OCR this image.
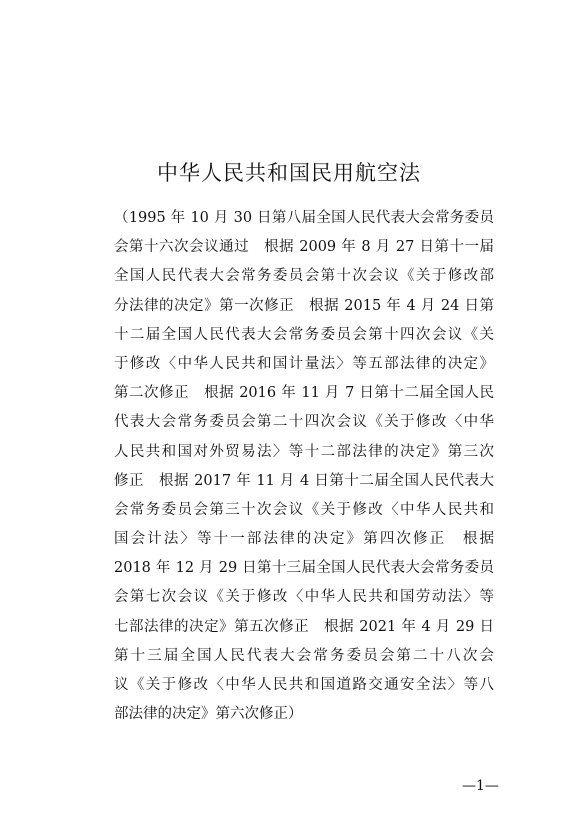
中华人民共和国民用航空法
（1995 年 10 月 30 日第八届全国人民代表大会常务委员
会第十六次会议通过　根据 2009 年 8 月 27 日第十一届
全国人民代表大会常务委员会第十次会议《关于修改部
分法律的决定》第一次修正　根据 2015 年 4 月 24 日第
十二届全国人民代表大会常务委员会第十四次会议《关
于修改〈中华人民共和国计量法〉等五部法律的决定》
第二次修正　根据 2016 年 11 月 7 日第十二届全国人民
代表大会常务委员会第二十四次会议《关于修改〈中华
人民共和国对外贸易法〉等十二部法律的决定》第三次
修正　根据 2017 年 11 月 4 日第十二届全国人民代表大
会常务委员会第三十次会议《关于修改〈中华人民共和
国会计法〉等十一部法律的决定》第四次修正　根据
2018 年 12 月 29 日第十三届全国人民代表大会常务委员
会第七次会议《关于修改〈中华人民共和国劳动法〉等
七部法律的决定》第五次修正　根据 2021 年 4 月 29 日
第十三届全国人民代表大会常务委员会第二十八次会
议《关于修改〈中华人民共和国道路交通安全法〉等八
部法律的决定》第六次修正）
—1—
